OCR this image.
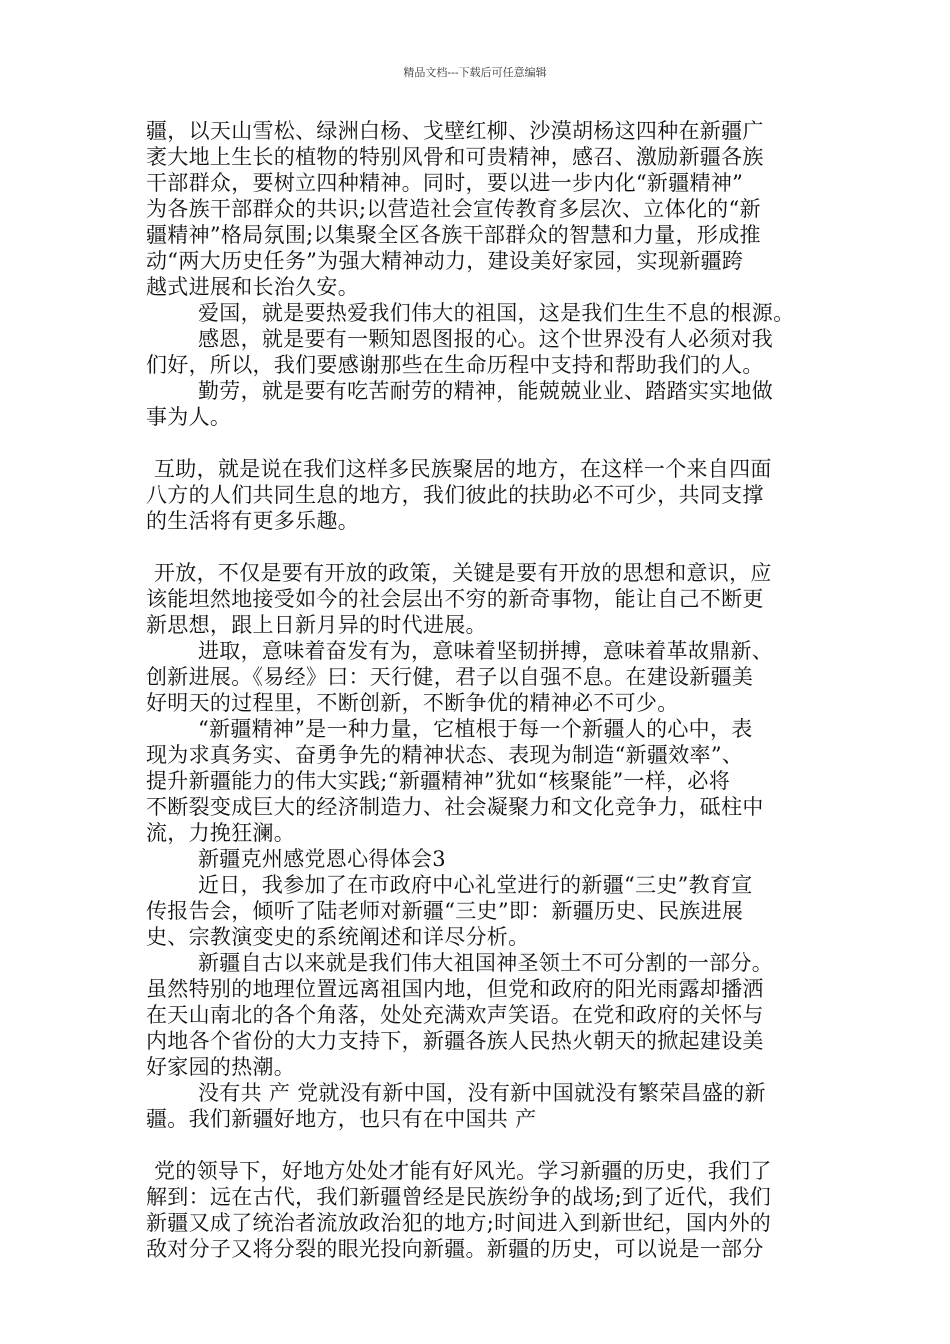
精品文档---下载后可任意编辑
疆，以天山雪松、绿洲白杨、戈壁红柳、沙漠胡杨这四种在新疆广
袤大地上生长的植物的特别风骨和可贵精神，感召、激励新疆各族
干部群众，要树立四种精神。同时，要以进一步内化“新疆精神”
为各族干部群众的共识;以营造社会宣传教育多层次、立体化的“新
疆精神”格局氛围;以集聚全区各族干部群众的智慧和力量，形成推
动“两大历史任务”为强大精神动力，建设美好家园，实现新疆跨
越式进展和长治久安。
爱国，就是要热爱我们伟大的祖国，这是我们生生不息的根源。
感恩，就是要有一颗知恩图报的心。这个世界没有人必须对我
们好，所以，我们要感谢那些在生命历程中支持和帮助我们的人。
勤劳，就是要有吃苦耐劳的精神，能兢兢业业、踏踏实实地做
事为人。
互助，就是说在我们这样多民族聚居的地方，在这样一个来自四面
八方的人们共同生息的地方，我们彼此的扶助必不可少，共同支撑
的生活将有更多乐趣。
开放，不仅是要有开放的政策，关键是要有开放的思想和意识，应
该能坦然地接受如今的社会层出不穷的新奇事物，能让自己不断更
新思想，跟上日新月异的时代进展。
进取，意味着奋发有为，意味着坚韧拼搏，意味着革故鼎新、
创新进展。《易经》曰：天行健，君子以自强不息。在建设新疆美
好明天的过程里，不断创新，不断争优的精神必不可少。
“新疆精神”是一种力量，它植根于每一个新疆人的心中，表
现为求真务实、奋勇争先的精神状态、表现为制造“新疆效率”、
提升新疆能力的伟大实践;“新疆精神”犹如“核聚能”一样，必将
不断裂变成巨大的经济制造力、社会凝聚力和文化竞争力，砥柱中
流，力挽狂澜。
新疆克州感党恩心得体会3
近日，我参加了在市政府中心礼堂进行的新疆“三史”教育宣
传报告会，倾听了陆老师对新疆“三史”即：新疆历史、民族进展
史、宗教演变史的系统阐述和详尽分析。
新疆自古以来就是我们伟大祖国神圣领土不可分割的一部分。
虽然特别的地理位置远离祖国内地，但党和政府的阳光雨露却播洒
在天山南北的各个角落，处处充满欢声笑语。在党和政府的关怀与
内地各个省份的大力支持下，新疆各族人民热火朝天的掀起建设美
好家园的热潮。
没有共 产 党就没有新中国，没有新中国就没有繁荣昌盛的新
疆。我们新疆好地方，也只有在中国共 产
党的领导下，好地方处处才能有好风光。学习新疆的历史，我们了
解到：远在古代，我们新疆曾经是民族纷争的战场;到了近代，我们
新疆又成了统治者流放政治犯的地方;时间进入到新世纪，国内外的
敌对分子又将分裂的眼光投向新疆。新疆的历史，可以说是一部分
